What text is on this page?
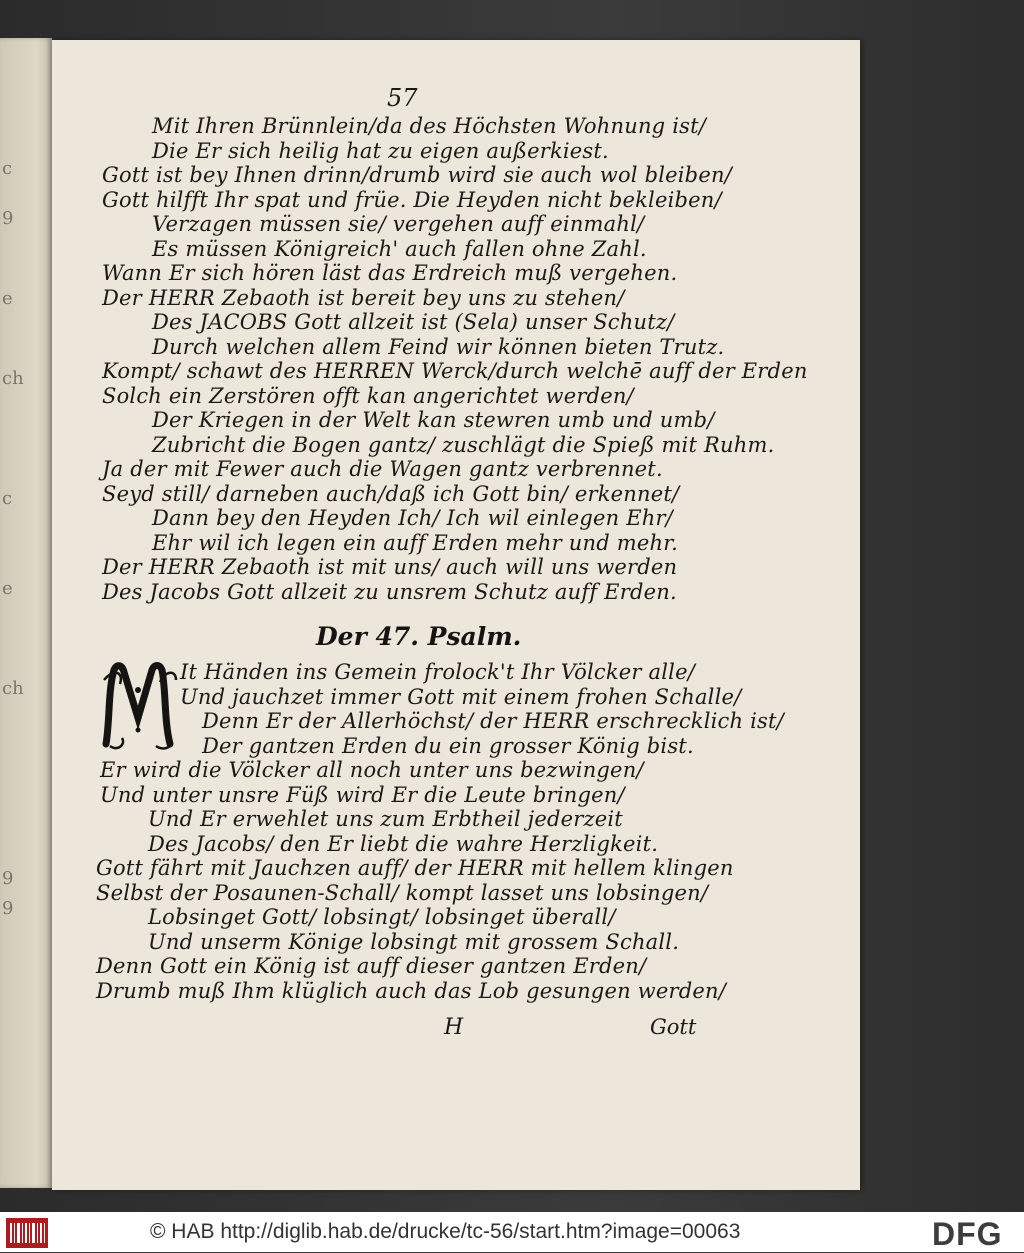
c
9
e
ch
c
e
ch
9
9
57
Mit Ihren Brünnlein/da des Höchsten Wohnung ist/
Die Er sich heilig hat zu eigen außerkiest.
Gott ist bey Ihnen drinn/drumb wird sie auch wol bleiben/
Gott hilfft Ihr spat und früe. Die Heyden nicht bekleiben/
Verzagen müssen sie/ vergehen auff einmahl/
Es müssen Königreich' auch fallen ohne Zahl.
Wann Er sich hören läst das Erdreich muß vergehen.
Der HERR Zebaoth ist bereit bey uns zu stehen/
Des JACOBS Gott allzeit ist (Sela) unser Schutz/
Durch welchen allem Feind wir können bieten Trutz.
Kompt/ schawt des HERREN Werck/durch welchē auff der Erden
Solch ein Zerstören offt kan angerichtet werden/
Der Kriegen in der Welt kan stewren umb und umb/
Zubricht die Bogen gantz/ zuschlägt die Spieß mit Ruhm.
Ja der mit Fewer auch die Wagen gantz verbrennet.
Seyd still/ darneben auch/daß ich Gott bin/ erkennet/
Dann bey den Heyden Ich/ Ich wil einlegen Ehr/
Ehr wil ich legen ein auff Erden mehr und mehr.
Der HERR Zebaoth ist mit uns/ auch will uns werden
Des Jacobs Gott allzeit zu unsrem Schutz auff Erden.
Der 47. Psalm.
It Händen ins Gemein frolock't Ihr Völcker alle/
Und jauchzet immer Gott mit einem frohen Schalle/
Denn Er der Allerhöchst/ der HERR erschrecklich ist/
Der gantzen Erden du ein grosser König bist.
Er wird die Völcker all noch unter uns bezwingen/
Und unter unsre Füß wird Er die Leute bringen/
Und Er erwehlet uns zum Erbtheil jederzeit
Des Jacobs/ den Er liebt die wahre Herzligkeit.
Gott fährt mit Jauchzen auff/ der HERR mit hellem klingen
Selbst der Posaunen-Schall/ kompt lasset uns lobsingen/
Lobsinget Gott/ lobsingt/ lobsinget überall/
Und unserm Könige lobsingt mit grossem Schall.
Denn Gott ein König ist auff dieser gantzen Erden/
Drumb muß Ihm klüglich auch das Lob gesungen werden/
H	Gott
© HAB http://diglib.hab.de/drucke/tc-56/start.htm?image=00063	DFG
